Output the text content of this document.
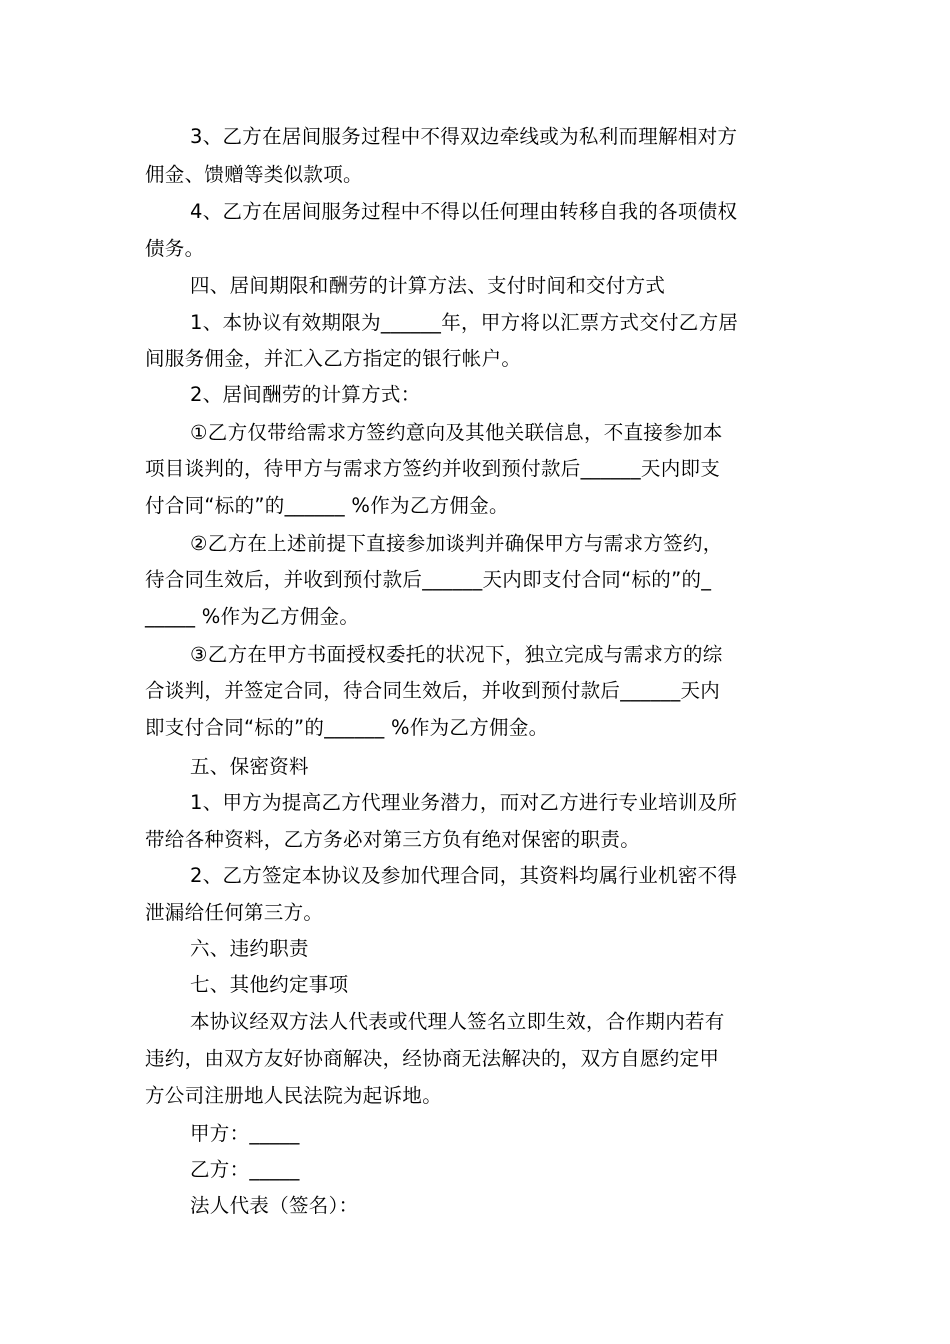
3、乙方在居间服务过程中不得双边牵线或为私利而理解相对方
佣金、馈赠等类似款项。
4、乙方在居间服务过程中不得以任何理由转移自我的各项债权
债务。
四、居间期限和酬劳的计算方法、支付时间和交付方式
1、本协议有效期限为______年，甲方将以汇票方式交付乙方居
间服务佣金，并汇入乙方指定的银行帐户。
2、居间酬劳的计算方式：
①乙方仅带给需求方签约意向及其他关联信息，不直接参加本
项目谈判的，待甲方与需求方签约并收到预付款后______天内即支
付合同“标的”的______ %作为乙方佣金。
②乙方在上述前提下直接参加谈判并确保甲方与需求方签约，
待合同生效后，并收到预付款后______天内即支付合同“标的”的_
_____ %作为乙方佣金。
③乙方在甲方书面授权委托的状况下，独立完成与需求方的综
合谈判，并签定合同，待合同生效后，并收到预付款后______天内
即支付合同“标的”的______ %作为乙方佣金。
五、保密资料
1、甲方为提高乙方代理业务潜力，而对乙方进行专业培训及所
带给各种资料，乙方务必对第三方负有绝对保密的职责。
2、乙方签定本协议及参加代理合同，其资料均属行业机密不得
泄漏给任何第三方。
六、违约职责
七、其他约定事项
本协议经双方法人代表或代理人签名立即生效，合作期内若有
违约，由双方友好协商解决，经协商无法解决的，双方自愿约定甲
方公司注册地人民法院为起诉地。
甲方：_____
乙方：_____
法人代表（签名）：
